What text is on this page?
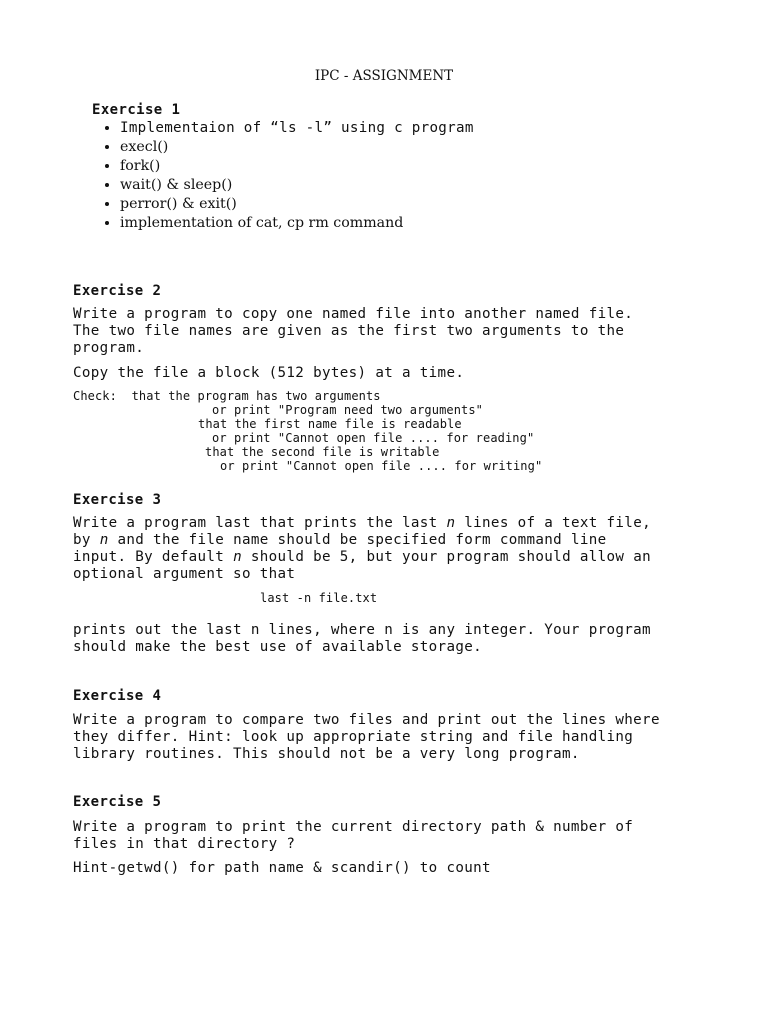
IPC - ASSIGNMENT
Exercise 1
• Implementaion of “ls -l” using c program
• execl()
• fork()
• wait() & sleep()
• perror() & exit()
• implementation of cat, cp rm command
Exercise 2
Write a program to copy one named file into another named file.
The two file names are given as the first two arguments to the
program.
Copy the file a block (512 bytes) at a time.
Check:  that the program has two arguments
or print "Program need two arguments"
that the first name file is readable
or print "Cannot open file .... for reading"
that the second file is writable
or print "Cannot open file .... for writing"
Exercise 3
Write a program last that prints the last n lines of a text file,
by n and the file name should be specified form command line
input. By default n should be 5, but your program should allow an
optional argument so that
last -n file.txt
prints out the last n lines, where n is any integer. Your program
should make the best use of available storage.
Exercise 4
Write a program to compare two files and print out the lines where
they differ. Hint: look up appropriate string and file handling
library routines. This should not be a very long program.
Exercise 5
Write a program to print the current directory path & number of
files in that directory ?
Hint-getwd() for path name & scandir() to count
